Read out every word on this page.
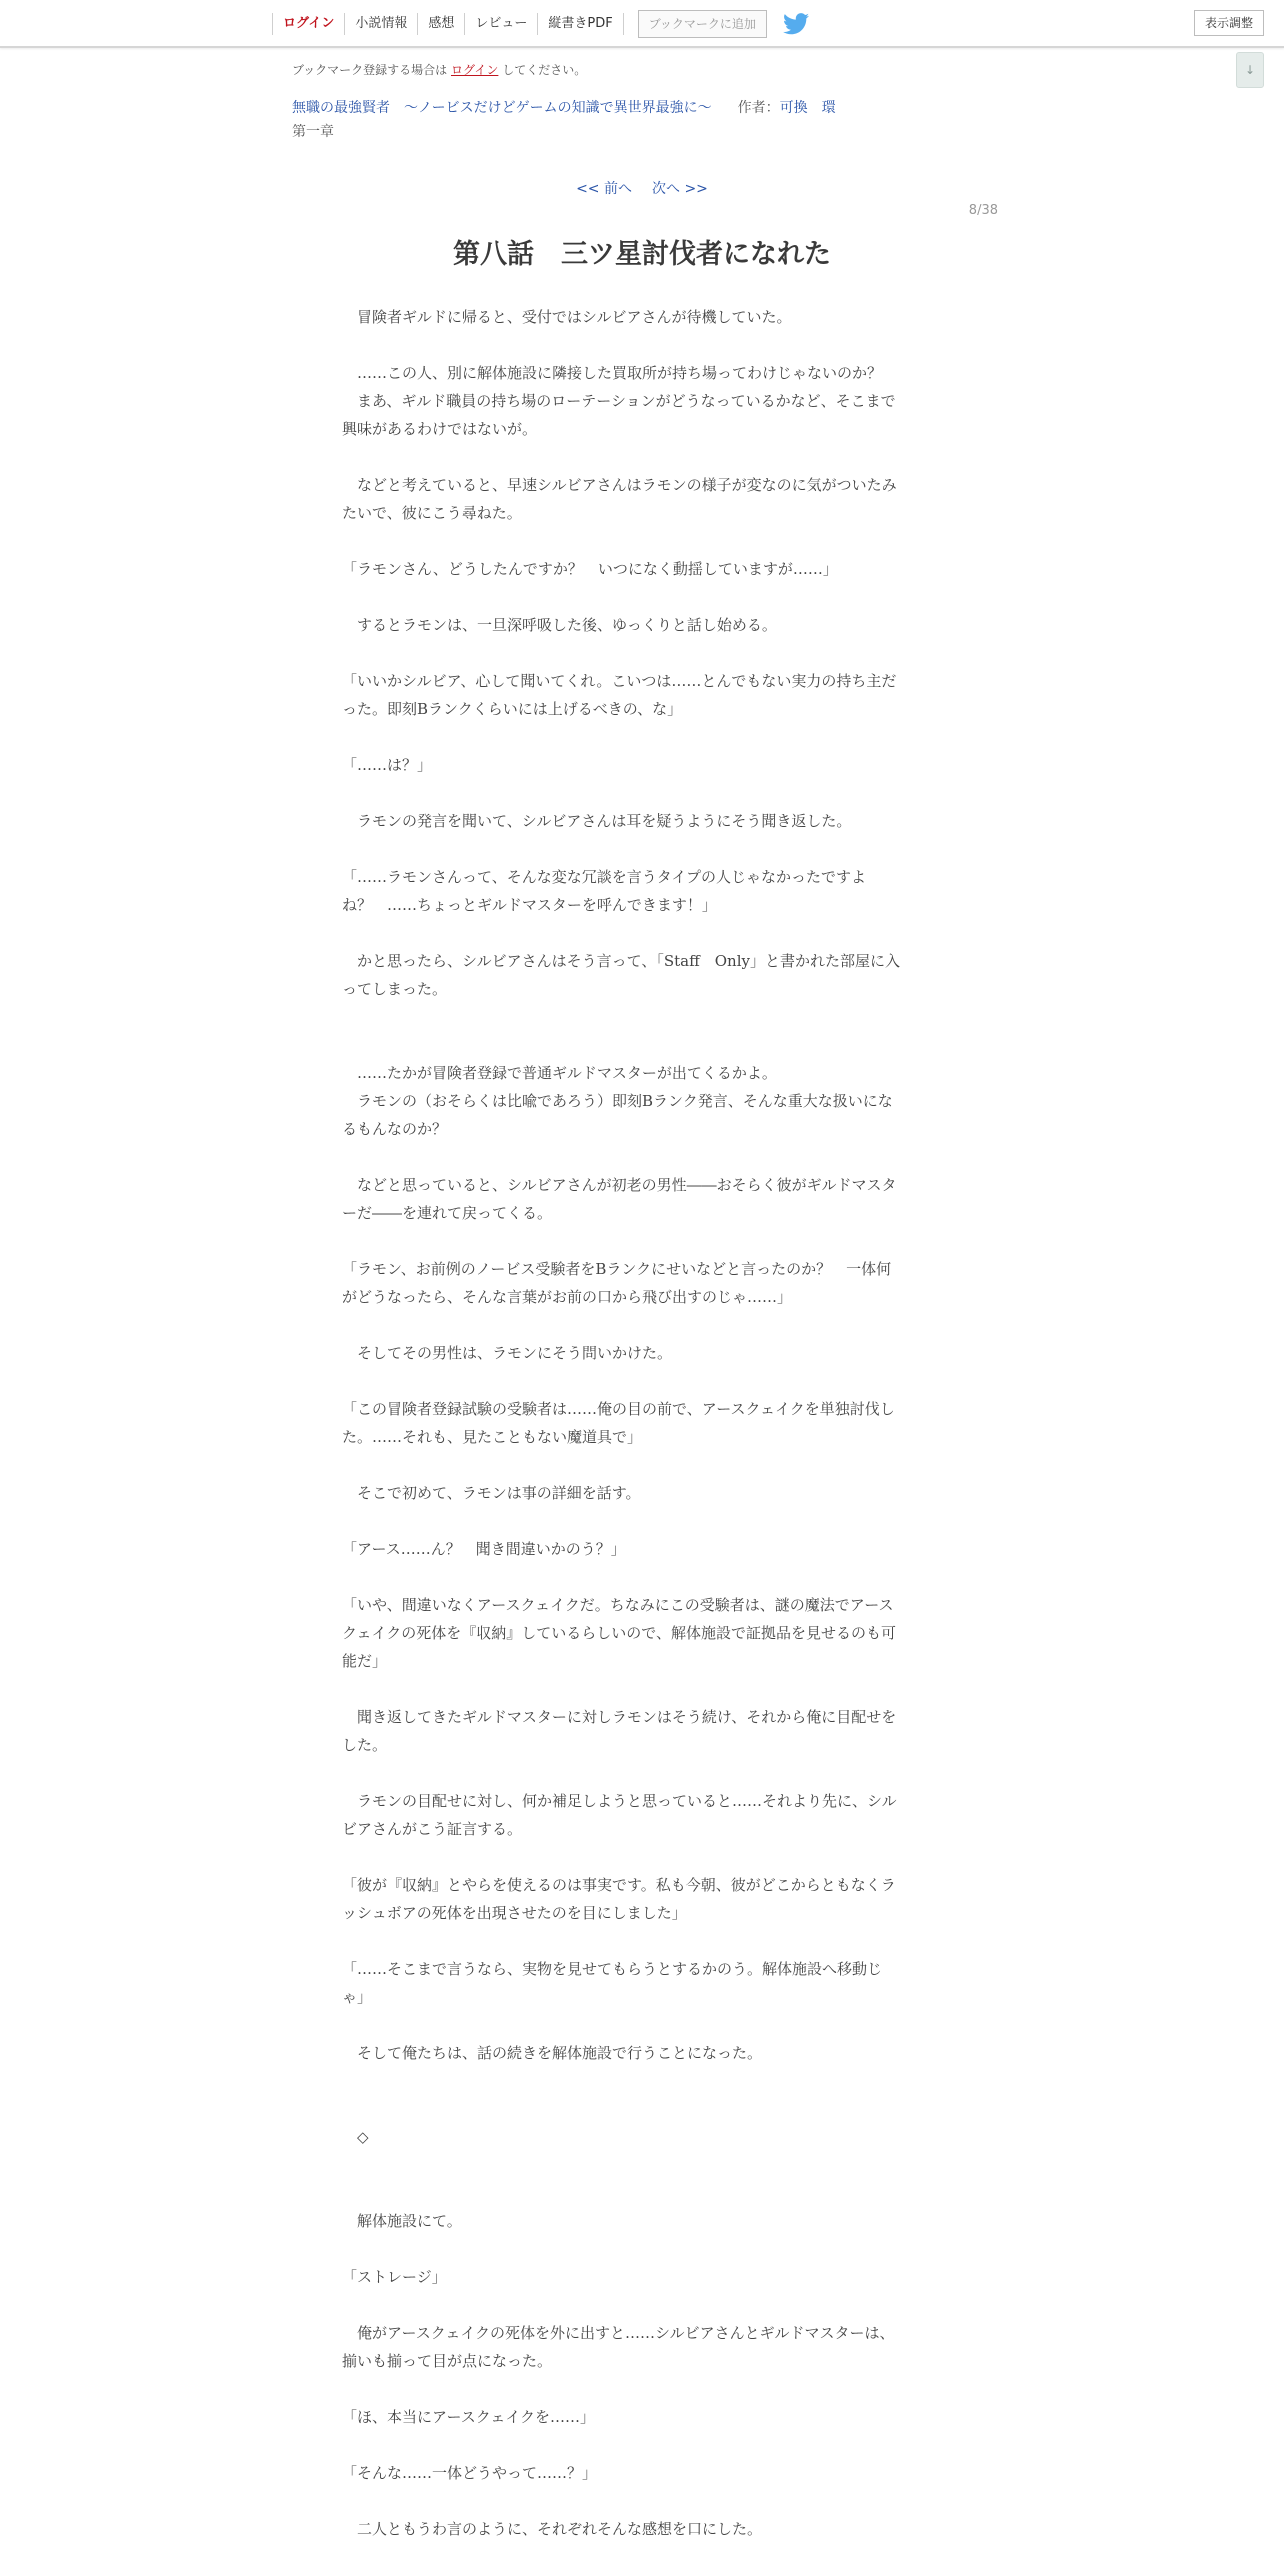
ログイン	小説情報	感想	レビュー	縦書きPDF	ブックマークに追加	表示調整
↓
ブックマーク登録する場合は ログイン してください。
無職の最強賢者　〜ノービスだけどゲームの知識で異世界最強に〜 作者：可換　環
第一章
<< 前へ 次へ >>
8/38
第八話　三ツ星討伐者になれた

　冒険者ギルドに帰ると、受付ではシルビアさんが待機していた。

　……この人、別に解体施設に隣接した買取所が持ち場ってわけじゃないのか？

　まあ、ギルド職員の持ち場のローテーションがどうなっているかなど、そこまで

興味があるわけではないが。

　などと考えていると、早速シルビアさんはラモンの様子が変なのに気がついたみ

たいで、彼にこう尋ねた。

「ラモンさん、どうしたんですか？　いつになく動揺していますが……」

　するとラモンは、一旦深呼吸した後、ゆっくりと話し始める。

「いいかシルビア、心して聞いてくれ。こいつは……とんでもない実力の持ち主だ

った。即刻Bランクくらいには上げるべきの、な」

「……は？」

　ラモンの発言を聞いて、シルビアさんは耳を疑うようにそう聞き返した。

「……ラモンさんって、そんな変な冗談を言うタイプの人じゃなかったですよ

ね？　……ちょっとギルドマスターを呼んできます！」

　かと思ったら、シルビアさんはそう言って、「Staff　Only」と書かれた部屋に入

ってしまった。

　……たかが冒険者登録で普通ギルドマスターが出てくるかよ。

　ラモンの（おそらくは比喩であろう）即刻Bランク発言、そんな重大な扱いにな

るもんなのか？

　などと思っていると、シルビアさんが初老の男性――おそらく彼がギルドマスタ

ーだ――を連れて戻ってくる。

「ラモン、お前例のノービス受験者をBランクにせいなどと言ったのか？　一体何

がどうなったら、そんな言葉がお前の口から飛び出すのじゃ……」

　そしてその男性は、ラモンにそう問いかけた。

「この冒険者登録試験の受験者は……俺の目の前で、アースクェイクを単独討伐し

た。……それも、見たこともない魔道具で」

　そこで初めて、ラモンは事の詳細を話す。

「アース……ん？　聞き間違いかのう？」

「いや、間違いなくアースクェイクだ。ちなみにこの受験者は、謎の魔法でアース

クェイクの死体を『収納』しているらしいので、解体施設で証拠品を見せるのも可

能だ」

　聞き返してきたギルドマスターに対しラモンはそう続け、それから俺に目配せを

した。

　ラモンの目配せに対し、何か補足しようと思っていると……それより先に、シル

ビアさんがこう証言する。

「彼が『収納』とやらを使えるのは事実です。私も今朝、彼がどこからともなくラ

ッシュボアの死体を出現させたのを目にしました」

「……そこまで言うなら、実物を見せてもらうとするかのう。解体施設へ移動じ

ゃ」

　そして俺たちは、話の続きを解体施設で行うことになった。

　◇

　解体施設にて。

「ストレージ」

　俺がアースクェイクの死体を外に出すと……シルビアさんとギルドマスターは、

揃いも揃って目が点になった。

「ほ、本当にアースクェイクを……」

「そんな……一体どうやって……？」

　二人ともうわ言のように、それぞれそんな感想を口にした。
